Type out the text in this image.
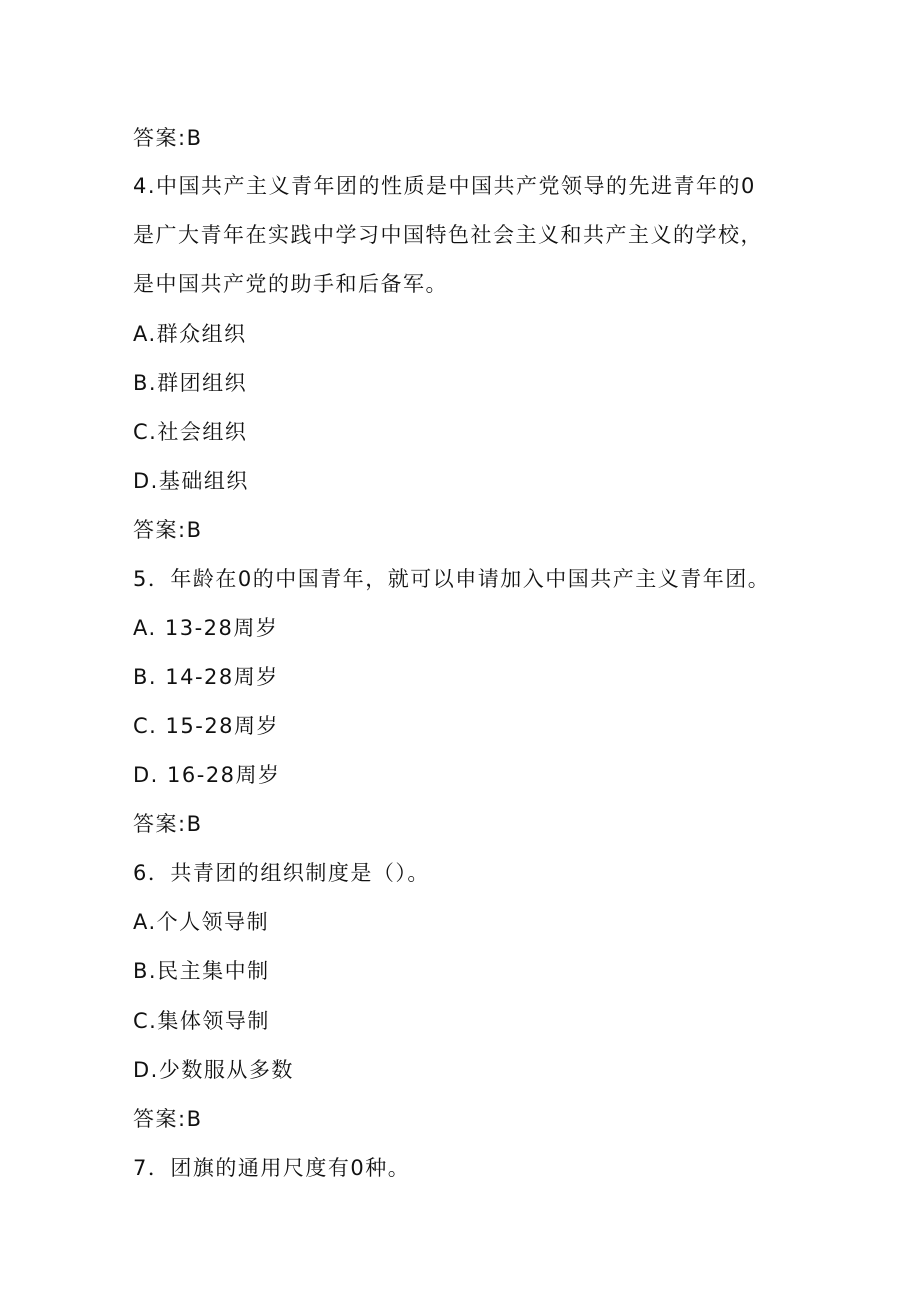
答案:B
4.中国共产主义青年团的性质是中国共产党领导的先进青年的0
是广大青年在实践中学习中国特色社会主义和共产主义的学校，
是中国共产党的助手和后备军。
A.群众组织
B.群团组织
C.社会组织
D.基础组织
答案:B
5．年龄在0的中国青年，就可以申请加入中国共产主义青年团。
A. 13-28周岁
B. 14-28周岁
C. 15-28周岁
D. 16-28周岁
答案:B
6．共青团的组织制度是（）。
A.个人领导制
B.民主集中制
C.集体领导制
D.少数服从多数
答案:B
7．团旗的通用尺度有0种。
